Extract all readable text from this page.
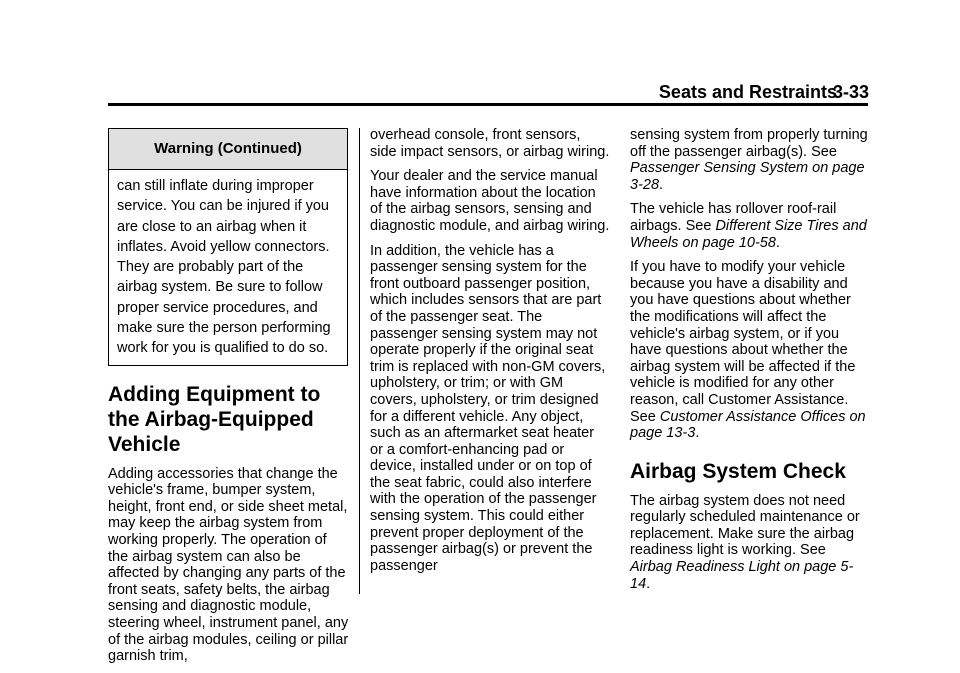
Seats and Restraints
3-33
Warning (Continued)
can still inflate during improper service. You can be injured if you are close to an airbag when it inflates. Avoid yellow connectors. They are probably part of the airbag system. Be sure to follow proper service procedures, and make sure the person performing work for you is qualified to do so.
Adding Equipment to the Airbag-Equipped Vehicle

Adding accessories that change the vehicle's frame, bumper system, height, front end, or side sheet metal, may keep the airbag system from working properly. The operation of the airbag system can also be affected by changing any parts of the front seats, safety belts, the airbag sensing and diagnostic module, steering wheel, instrument panel, any of the airbag modules, ceiling or pillar garnish trim,

overhead console, front sensors, side impact sensors, or airbag wiring.

Your dealer and the service manual have information about the location of the airbag sensors, sensing and diagnostic module, and airbag wiring.

In addition, the vehicle has a passenger sensing system for the front outboard passenger position, which includes sensors that are part of the passenger seat. The passenger sensing system may not operate properly if the original seat trim is replaced with non-GM covers, upholstery, or trim; or with GM covers, upholstery, or trim designed for a different vehicle. Any object, such as an aftermarket seat heater or a comfort-enhancing pad or device, installed under or on top of the seat fabric, could also interfere with the operation of the passenger sensing system. This could either prevent proper deployment of the passenger airbag(s) or prevent the passenger

sensing system from properly turning off the passenger airbag(s). See Passenger Sensing System on page 3-28.

The vehicle has rollover roof-rail airbags. See Different Size Tires and Wheels on page 10-58.

If you have to modify your vehicle because you have a disability and you have questions about whether the modifications will affect the vehicle's airbag system, or if you have questions about whether the airbag system will be affected if the vehicle is modified for any other reason, call Customer Assistance. See Customer Assistance Offices on page 13-3.

Airbag System Check

The airbag system does not need regularly scheduled maintenance or replacement. Make sure the airbag readiness light is working. See Airbag Readiness Light on page 5-14.
